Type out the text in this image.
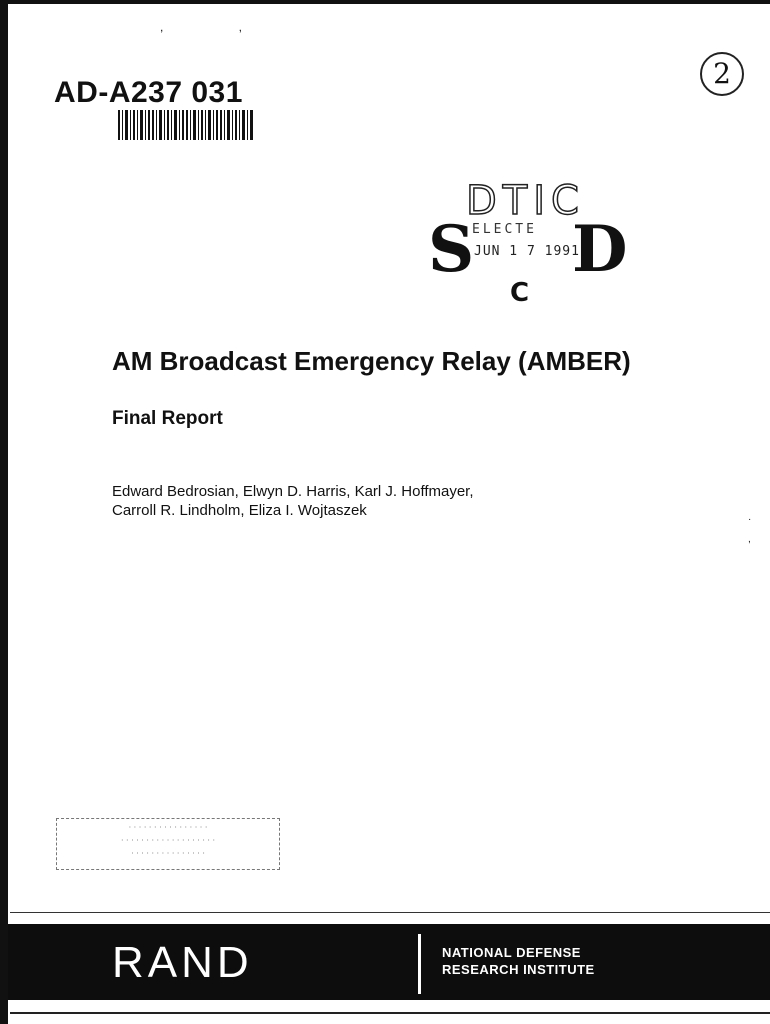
, ,
AD-A237 031
2
DTIC
ELECTE
JUN 1 7 1991
S D
C
AM Broadcast Emergency Relay (AMBER)
Final Report
Edward Bedrosian, Elwyn D. Harris, Karl J. Hoffmayer,
Carroll R. Lindholm, Eliza I. Wojtaszek
·
,
· · · · · · · · · · · · · · · ·
· · · · · · · · · · · · · · · · · · ·
· · · · · · · · · · · · · · ·
RAND	NATIONAL DEFENSE
RESEARCH INSTITUTE
